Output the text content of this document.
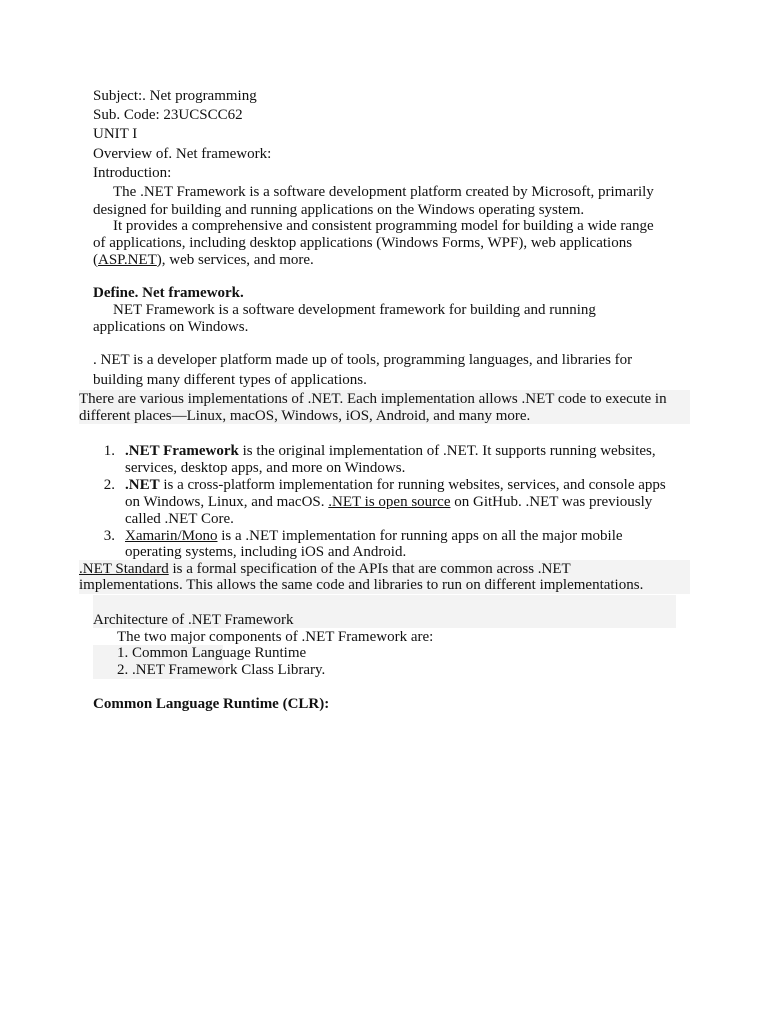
Subject:. Net programming
Sub. Code: 23UCSCC62
UNIT I
Overview of. Net framework:
Introduction:
The .NET Framework is a software development platform created by Microsoft, primarily
designed for building and running applications on the Windows operating system.
It provides a comprehensive and consistent programming model for building a wide range
of applications, including desktop applications (Windows Forms, WPF), web applications
(ASP.NET), web services, and more.
Define. Net framework.
NET Framework is a software development framework for building and running
applications on Windows.
. NET is a developer platform made up of tools, programming languages, and libraries for
building many different types of applications.
There are various implementations of .NET. Each implementation allows .NET code to execute in
different places—Linux, macOS, Windows, iOS, Android, and many more.
1. .NET Framework is the original implementation of .NET. It supports running websites,
services, desktop apps, and more on Windows.
2. .NET is a cross-platform implementation for running websites, services, and console apps
on Windows, Linux, and macOS. .NET is open source on GitHub. .NET was previously
called .NET Core.
3. Xamarin/Mono is a .NET implementation for running apps on all the major mobile
operating systems, including iOS and Android.
.NET Standard is a formal specification of the APIs that are common across .NET
implementations. This allows the same code and libraries to run on different implementations.
Architecture of .NET Framework
The two major components of .NET Framework are:
1. Common Language Runtime
2. .NET Framework Class Library.
Common Language Runtime (CLR):
